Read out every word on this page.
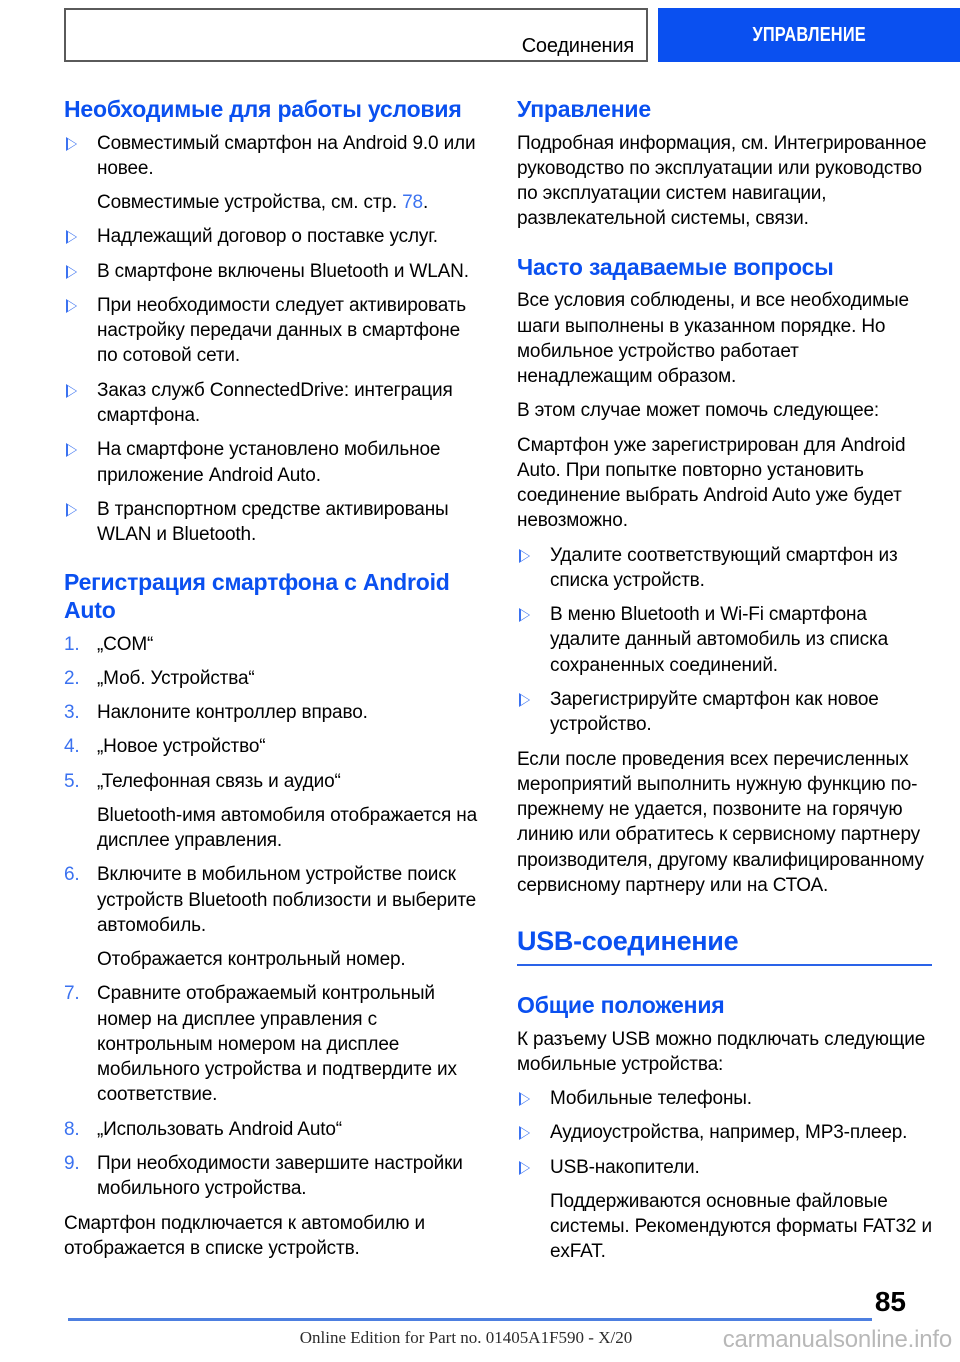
Соединения
УПРАВЛЕНИЕ
Необходимые для работы условия
Совместимый смартфон на Android 9.0 или новее.
Совместимые устройства, см. стр. 78.
Надлежащий договор о поставке услуг.
В смартфоне включены Bluetooth и WLAN.
При необходимости следует активировать настройку передачи данных в смартфоне по сотовой сети.
Заказ служб ConnectedDrive: интеграция смартфона.
На смартфоне установлено мобильное приложение Android Auto.
В транспортном средстве активированы WLAN и Bluetooth.
Регистрация смартфона с Android Auto
1. „COM“
2. „Моб. Устройства“
3. Наклоните контроллер вправо.
4. „Новое устройство“
5. „Телефонная связь и аудио“
Bluetooth-имя автомобиля отображается на дисплее управления.
6. Включите в мобильном устройстве поиск устройств Bluetooth поблизости и выберите автомобиль.
Отображается контрольный номер.
7. Сравните отображаемый контрольный номер на дисплее управления с контрольным номером на дисплее мобильного устройства и подтвердите их соответствие.
8. „Использовать Android Auto“
9. При необходимости завершите настройки мобильного устройства.

Смартфон подключается к автомобилю и отображается в списке устройств.

Управление

Подробная информация, см. Интегрированное руководство по эксплуатации или руководство по эксплуатации систем навигации, развлекательной системы, связи.

Часто задаваемые вопросы

Все условия соблюдены, и все необходимые шаги выполнены в указанном порядке. Но мобильное устройство работает ненадлежащим образом.

В этом случае может помочь следующее:

Смартфон уже зарегистрирован для Android Auto. При попытке повторно установить соединение выбрать Android Auto уже будет невозможно.

Удалите соответствующий смартфон из списка устройств.
В меню Bluetooth и Wi-Fi смартфона удалите данный автомобиль из списка сохраненных соединений.
Зарегистрируйте смартфон как новое устройство.

Если после проведения всех перечисленных мероприятий выполнить нужную функцию по-прежнему не удается, позвоните на горячую линию или обратитесь к сервисному партнеру производителя, другому квалифицированному сервисному партнеру или на СТОА.

USB-соединение
Общие положения

К разъему USB можно подключать следующие мобильные устройства:

Мобильные телефоны.
Аудиоустройства, например, MP3-плеер.
USB-накопители.
Поддерживаются основные файловые системы. Рекомендуются форматы FAT32 и exFAT.
85
Online Edition for Part no. 01405A1F590 - X/20	carmanualsonline.info
